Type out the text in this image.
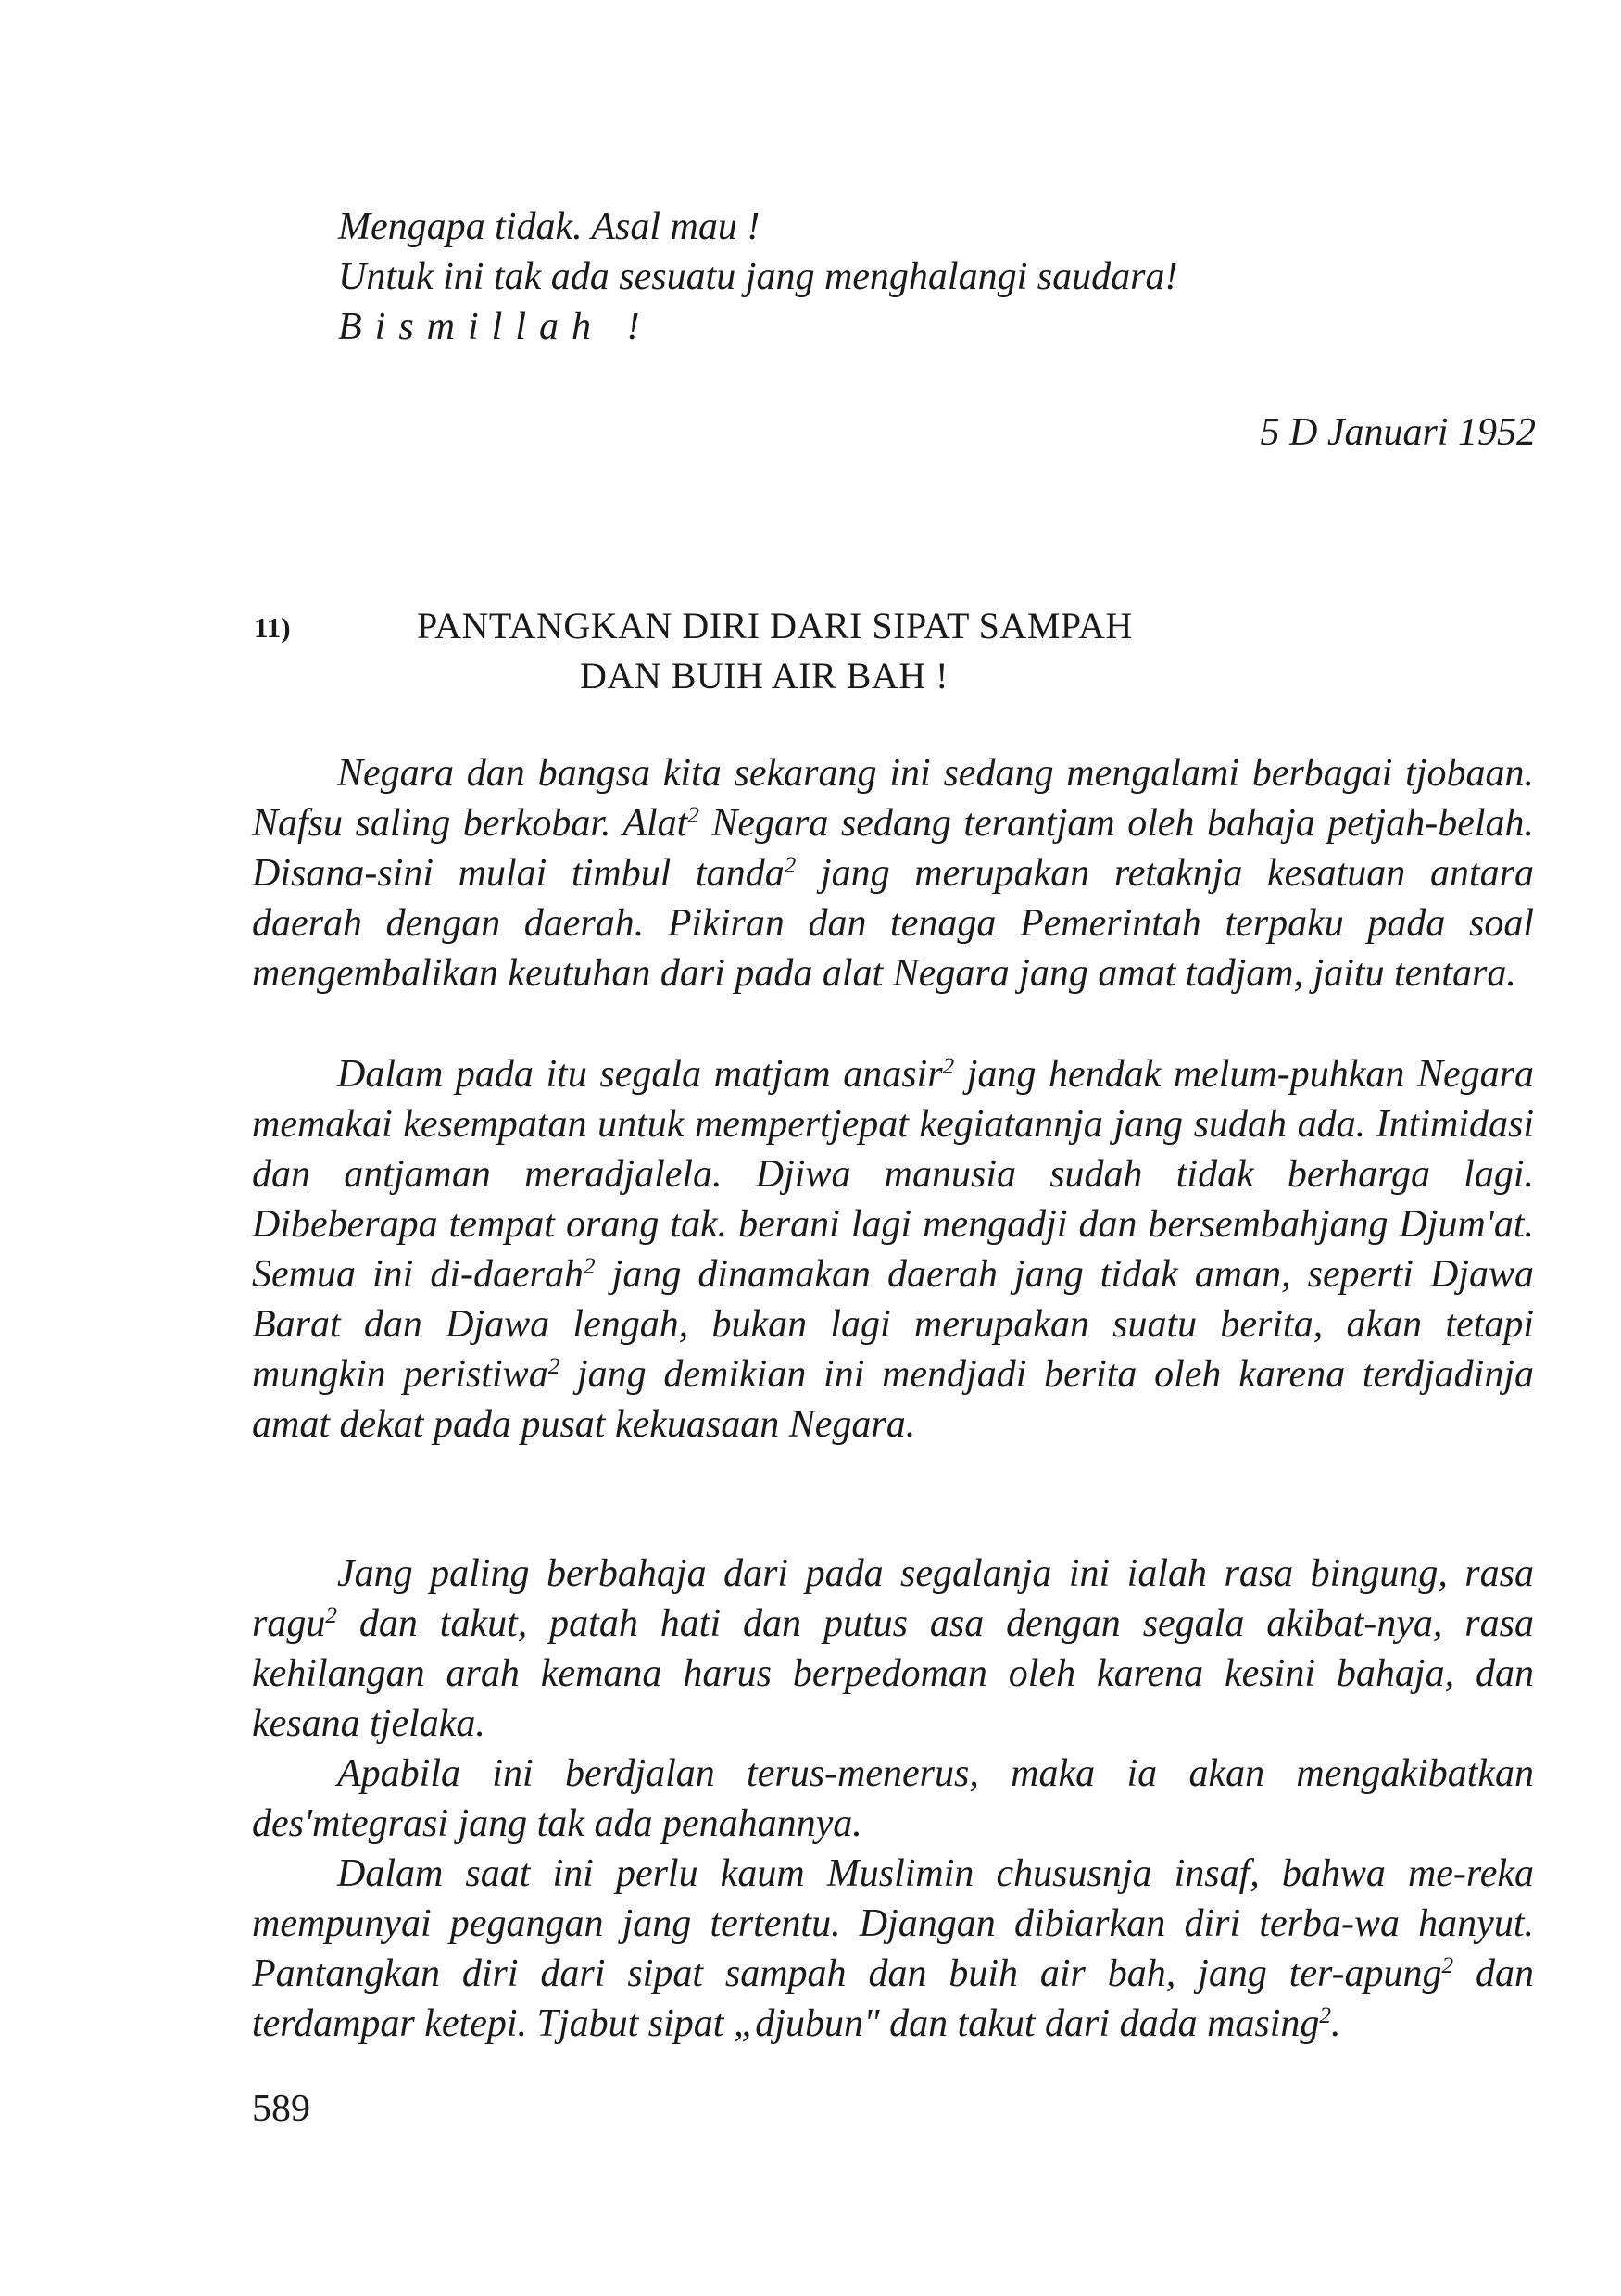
Mengapa tidak. Asal mau !
Untuk ini tak ada sesuatu jang menghalangi saudara!
Bismillah !
5 D Januari 1952
11)	PANTANGKAN DIRI DARI SIPAT SAMPAH
DAN BUIH AIR BAH !

Negara dan bangsa kita sekarang ini sedang mengalami berbagai tjobaan. Nafsu saling berkobar. Alat$^2$ Negara sedang terantjam oleh bahaja petjah-belah. Disana-sini mulai timbul tanda$^2$ jang merupakan retaknja kesatuan antara daerah dengan daerah. Pikiran dan tenaga Pemerintah terpaku pada soal mengembalikan keutuhan dari pada alat Negara jang amat tadjam, jaitu tentara.

Dalam pada itu segala matjam anasir$^2$ jang hendak melum-puhkan Negara memakai kesempatan untuk mempertjepat kegiatannja jang sudah ada. Intimidasi dan antjaman meradjalela. Djiwa manusia sudah tidak berharga lagi. Dibeberapa tempat orang tak. berani lagi mengadji dan bersembahjang Djum'at. Semua ini di-daerah$^2$ jang dinamakan daerah jang tidak aman, seperti Djawa Barat dan Djawa lengah, bukan lagi merupakan suatu berita, akan tetapi mungkin peristiwa$^2$ jang demikian ini mendjadi berita oleh karena terdjadinja amat dekat pada pusat kekuasaan Negara.

Jang paling berbahaja dari pada segalanja ini ialah rasa bingung, rasa ragu$^2$ dan takut, patah hati dan putus asa dengan segala akibat-nya, rasa kehilangan arah kemana harus berpedoman oleh karena kesini bahaja, dan kesana tjelaka.

Apabila ini berdjalan terus-menerus, maka ia akan mengakibatkan des'mtegrasi jang tak ada penahannya.

Dalam saat ini perlu kaum Muslimin chususnja insaf, bahwa me-reka mempunyai pegangan jang tertentu. Djangan dibiarkan diri terba-wa hanyut. Pantangkan diri dari sipat sampah dan buih air bah, jang ter-apung$^2$ dan terdampar ketepi. Tjabut sipat „djubun" dan takut dari dada masing$^2$.

589
